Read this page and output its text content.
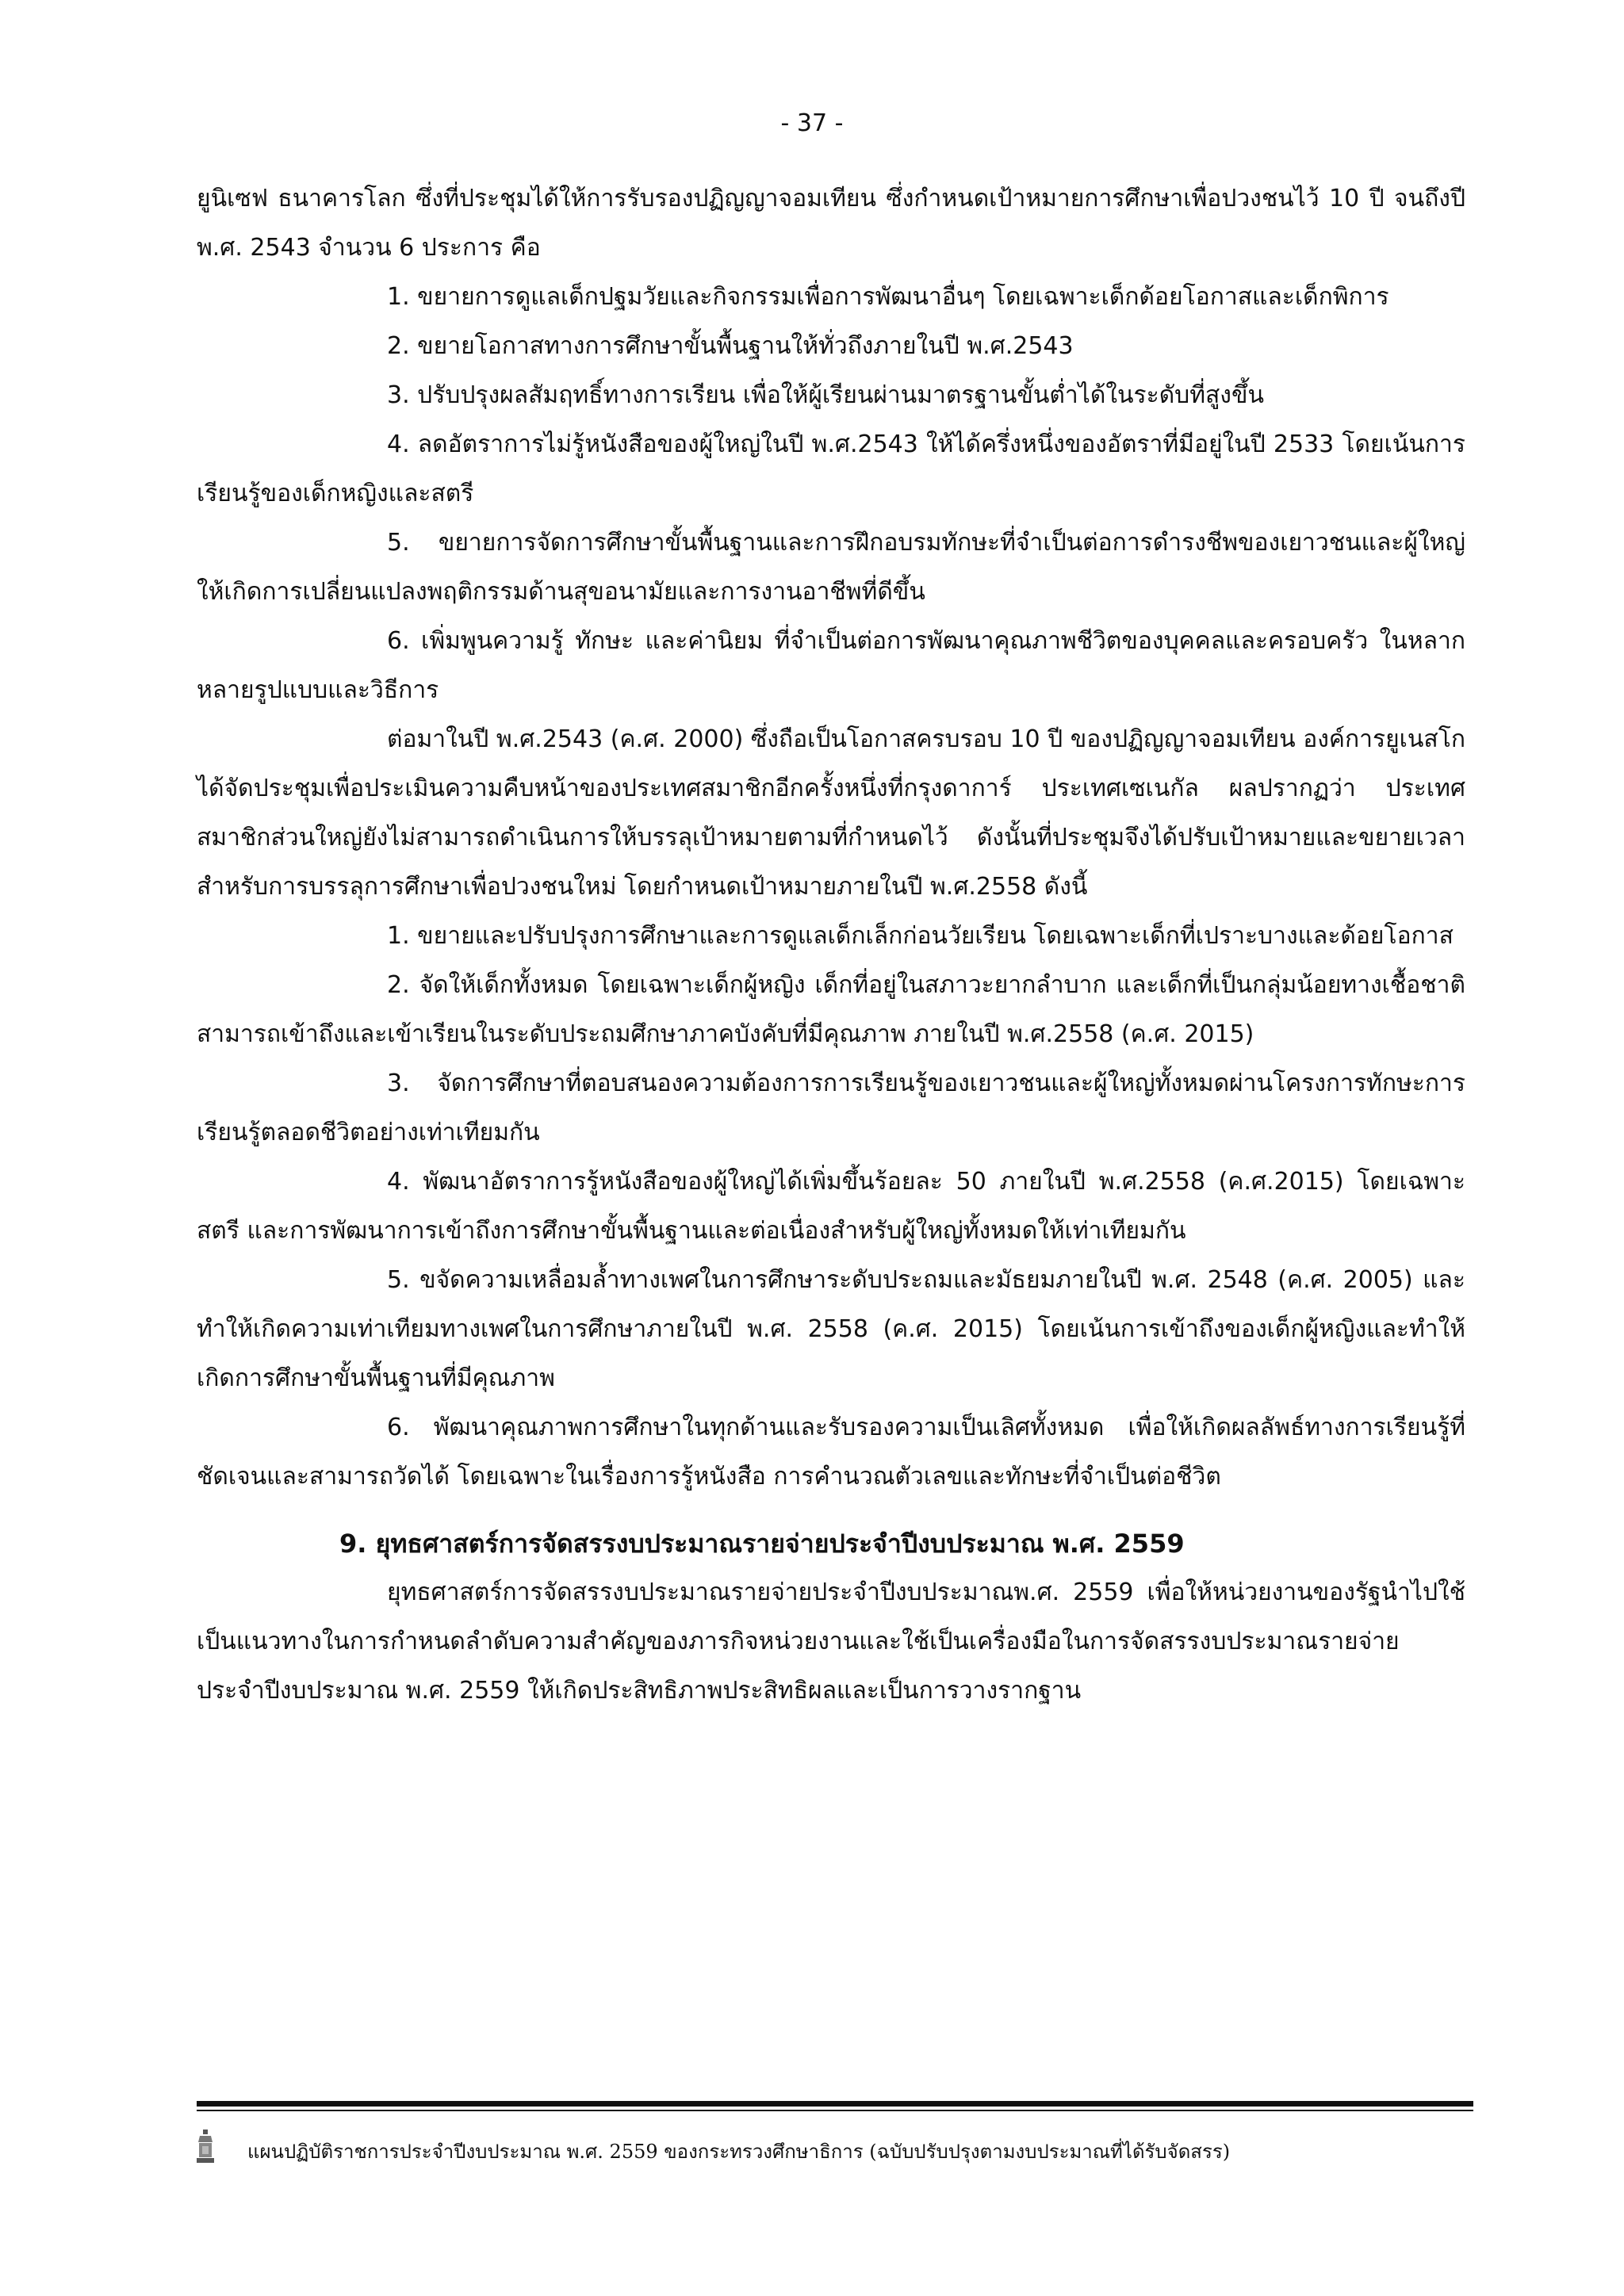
- 37 -

ยูนิเซฟ ธนาคารโลก ซึ่งที่ประชุมได้ให้การรับรองปฏิญญาจอมเทียน ซึ่งกำหนดเป้าหมายการศึกษาเพื่อปวงชนไว้ 10 ปี จนถึงปี พ.ศ. 2543 จำนวน 6 ประการ คือ

1. ขยายการดูแลเด็กปฐมวัยและกิจกรรมเพื่อการพัฒนาอื่นๆ โดยเฉพาะเด็กด้อยโอกาสและเด็กพิการ

2. ขยายโอกาสทางการศึกษาขั้นพื้นฐานให้ทั่วถึงภายในปี พ.ศ.2543

3. ปรับปรุงผลสัมฤทธิ์ทางการเรียน เพื่อให้ผู้เรียนผ่านมาตรฐานขั้นต่ำได้ในระดับที่สูงขึ้น

4. ลดอัตราการไม่รู้หนังสือของผู้ใหญ่ในปี พ.ศ.2543 ให้ได้ครึ่งหนึ่งของอัตราที่มีอยู่ในปี 2533 โดยเน้นการเรียนรู้ของเด็กหญิงและสตรี

5. ขยายการจัดการศึกษาขั้นพื้นฐานและการฝึกอบรมทักษะที่จำเป็นต่อการดำรงชีพของเยาวชนและผู้ใหญ่ให้เกิดการเปลี่ยนแปลงพฤติกรรมด้านสุขอนามัยและการงานอาชีพที่ดีขึ้น

6. เพิ่มพูนความรู้ ทักษะ และค่านิยม ที่จำเป็นต่อการพัฒนาคุณภาพชีวิตของบุคคลและครอบครัว ในหลากหลายรูปแบบและวิธีการ

ต่อมาในปี พ.ศ.2543 (ค.ศ. 2000) ซึ่งถือเป็นโอกาสครบรอบ 10 ปี ของปฏิญญาจอมเทียน องค์การยูเนสโกได้จัดประชุมเพื่อประเมินความคืบหน้าของประเทศสมาชิกอีกครั้งหนึ่งที่กรุงดาการ์ ประเทศเซเนกัล ผลปรากฏว่า ประเทศสมาชิกส่วนใหญ่ยังไม่สามารถดำเนินการให้บรรลุเป้าหมายตามที่กำหนดไว้ ดังนั้นที่ประชุมจึงได้ปรับเป้าหมายและขยายเวลาสำหรับการบรรลุการศึกษาเพื่อปวงชนใหม่ โดยกำหนดเป้าหมายภายในปี พ.ศ.2558 ดังนี้

1. ขยายและปรับปรุงการศึกษาและการดูแลเด็กเล็กก่อนวัยเรียน โดยเฉพาะเด็กที่เปราะบางและด้อยโอกาส

2. จัดให้เด็กทั้งหมด โดยเฉพาะเด็กผู้หญิง เด็กที่อยู่ในสภาวะยากลำบาก และเด็กที่เป็นกลุ่มน้อยทางเชื้อชาติ สามารถเข้าถึงและเข้าเรียนในระดับประถมศึกษาภาคบังคับที่มีคุณภาพ ภายในปี พ.ศ.2558 (ค.ศ. 2015)

3. จัดการศึกษาที่ตอบสนองความต้องการการเรียนรู้ของเยาวชนและผู้ใหญ่ทั้งหมดผ่านโครงการทักษะการเรียนรู้ตลอดชีวิตอย่างเท่าเทียมกัน

4. พัฒนาอัตราการรู้หนังสือของผู้ใหญ่ได้เพิ่มขึ้นร้อยละ 50 ภายในปี พ.ศ.2558 (ค.ศ.2015) โดยเฉพาะสตรี และการพัฒนาการเข้าถึงการศึกษาขั้นพื้นฐานและต่อเนื่องสำหรับผู้ใหญ่ทั้งหมดให้เท่าเทียมกัน

5. ขจัดความเหลื่อมล้ำทางเพศในการศึกษาระดับประถมและมัธยมภายในปี พ.ศ. 2548 (ค.ศ. 2005) และทำให้เกิดความเท่าเทียมทางเพศในการศึกษาภายในปี พ.ศ. 2558 (ค.ศ. 2015) โดยเน้นการเข้าถึงของเด็กผู้หญิงและทำให้เกิดการศึกษาขั้นพื้นฐานที่มีคุณภาพ

6. พัฒนาคุณภาพการศึกษาในทุกด้านและรับรองความเป็นเลิศทั้งหมด เพื่อให้เกิดผลลัพธ์ทางการเรียนรู้ที่ชัดเจนและสามารถวัดได้ โดยเฉพาะในเรื่องการรู้หนังสือ การคำนวณตัวเลขและทักษะที่จำเป็นต่อชีวิต

9. ยุทธศาสตร์การจัดสรรงบประมาณรายจ่ายประจำปีงบประมาณ พ.ศ. 2559

ยุทธศาสตร์การจัดสรรงบประมาณรายจ่ายประจำปีงบประมาณพ.ศ. 2559 เพื่อให้หน่วยงานของรัฐนำไปใช้เป็นแนวทางในการกำหนดลำดับความสำคัญของภารกิจหน่วยงานและใช้เป็นเครื่องมือในการจัดสรรงบประมาณรายจ่ายประจำปีงบประมาณ พ.ศ. 2559 ให้เกิดประสิทธิภาพประสิทธิผลและเป็นการวางรากฐาน

แผนปฏิบัติราชการประจำปีงบประมาณ พ.ศ. 2559 ของกระทรวงศึกษาธิการ (ฉบับปรับปรุงตามงบประมาณที่ได้รับจัดสรร)
